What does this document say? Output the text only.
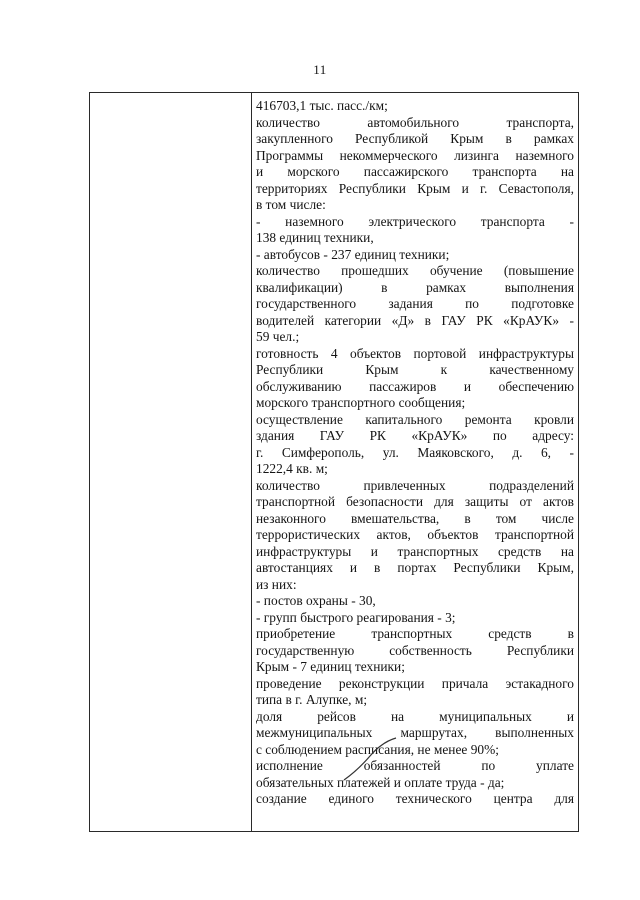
11
416703,1 тыс. пасс./км;
количество автомобильного транспорта,
закупленного Республикой Крым в рамках
Программы некоммерческого лизинга наземного
и морского пассажирского транспорта на
территориях Республики Крым и г. Севастополя,
в том числе:
- наземного электрического транспорта -
138 единиц техники,
- автобусов - 237 единиц техники;
количество прошедших обучение (повышение
квалификации) в рамках выполнения
государственного задания по подготовке
водителей категории «Д» в ГАУ РК «КрАУК» -
59 чел.;
готовность 4 объектов портовой инфраструктуры
Республики Крым к качественному
обслуживанию пассажиров и обеспечению
морского транспортного сообщения;
осуществление капитального ремонта кровли
здания ГАУ РК «КрАУК» по адресу:
г. Симферополь, ул. Маяковского, д. 6, -
1222,4 кв. м;
количество привлеченных подразделений
транспортной безопасности для защиты от актов
незаконного вмешательства, в том числе
террористических актов, объектов транспортной
инфраструктуры и транспортных средств на
автостанциях и в портах Республики Крым,
из них:
- постов охраны - 30,
- групп быстрого реагирования - 3;
приобретение транспортных средств в
государственную собственность Республики
Крым - 7 единиц техники;
проведение реконструкции причала эстакадного
типа в г. Алупке, м;
доля рейсов на муниципальных и
межмуниципальных маршрутах, выполненных
с соблюдением расписания, не менее 90%;
исполнение обязанностей по уплате
обязательных платежей и оплате труда - да;
создание единого технического центра для
